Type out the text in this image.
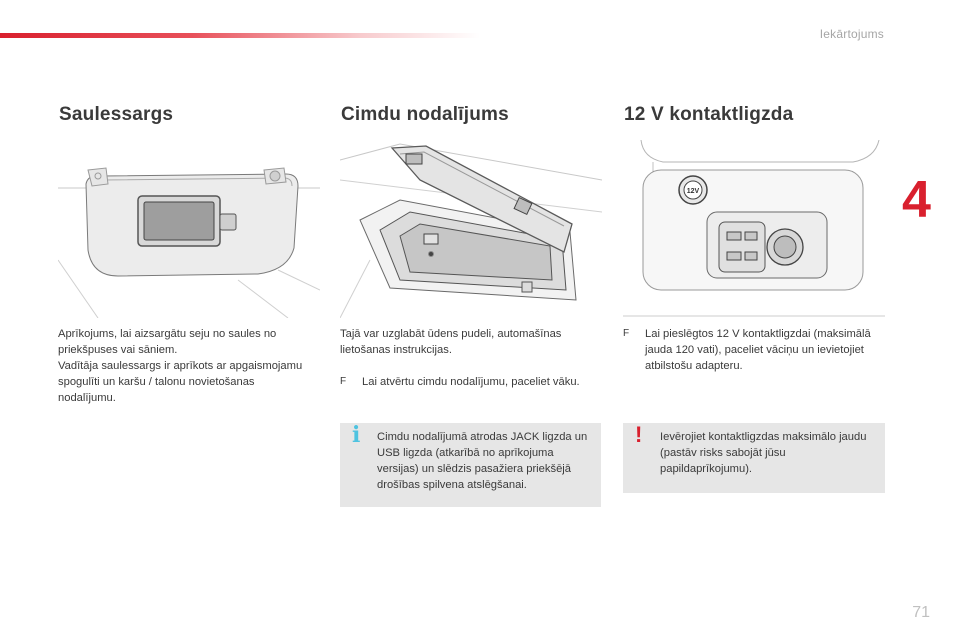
Iekārtojums
4
71
Saulessargs
Aprīkojums, lai aizsargātu seju no saules no priekšpuses vai sāniem.
Vadītāja saulessargs ir aprīkots ar apgaismojamu spogulīti un karšu / talonu novietošanas nodalījumu.
Cimdu nodalījums
Tajā var uzglabāt ūdens pudeli, automašīnas lietošanas instrukcijas.
F Lai atvērtu cimdu nodalījumu, paceliet vāku.
i Cimdu nodalījumā atrodas JACK ligzda un USB ligzda (atkarībā no aprīkojuma versijas) un slēdzis pasažiera priekšējā drošības spilvena atslēgšanai.
12 V kontaktligzda
12V
F Lai pieslēgtos 12 V kontaktligzdai (maksimālā jauda 120 vati), paceliet vāciņu un ievietojiet atbilstošu adapteru.
! Ievērojiet kontaktligzdas maksimālo jaudu (pastāv risks sabojāt jūsu papildaprīkojumu).
